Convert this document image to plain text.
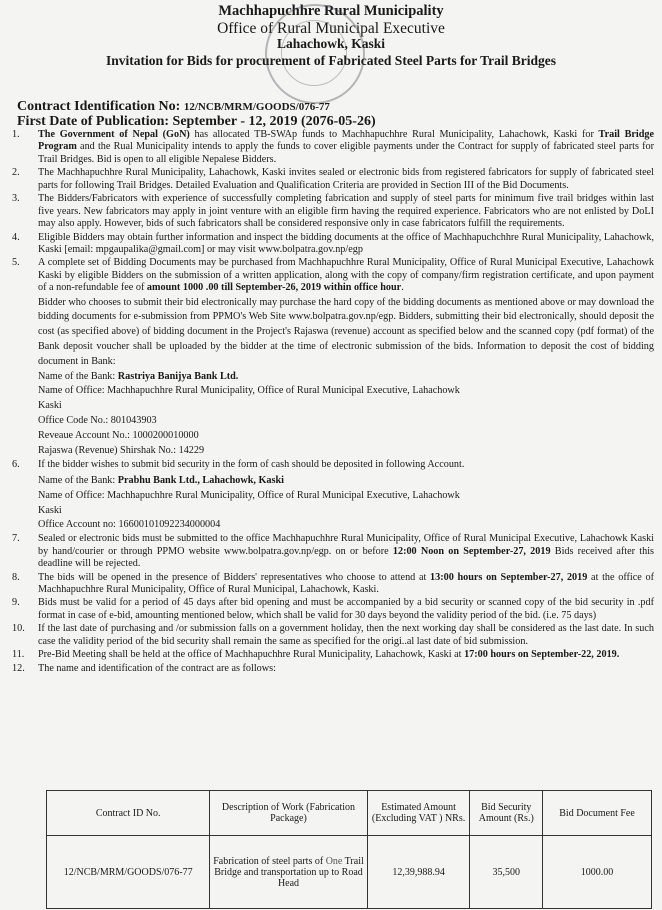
Machhapuchhre Rural Municipality
Office of Rural Municipal Executive
Lahachowk, Kaski
Invitation for Bids for procurement of Fabricated Steel Parts for Trail Bridges
Contract Identification No: 12/NCB/MRM/GOODS/076-77
First Date of Publication: September - 12, 2019 (2076-05-26)
1.	The Government of Nepal (GoN) has allocated TB-SWAp funds to Machhapuchhre Rural Municipality, Lahachowk, Kaski for Trail Bridge Program and the Rual Municipality intends to apply the funds to cover eligible payments under the Contract for supply of fabricated steel parts for Trail Bridges. Bid is open to all eligible Nepalese Bidders.
2.	The Machhapuchhre Rural Municipality, Lahachowk, Kaski invites sealed or electronic bids from registered fabricators for supply of fabricated steel parts for following Trail Bridges. Detailed Evaluation and Qualification Criteria are provided in Section III of the Bid Documents.
3.	The Bidders/Fabricators with experience of successfully completing fabrication and supply of steel parts for minimum five trail bridges within last five years. New fabricators may apply in joint venture with an eligible firm having the required experience. Fabricators who are not enlisted by DoLI may also apply. However, bids of such fabricators shall be considered responsive only in case fabricators fulfill the requirements.
4.	Eligible Bidders may obtain further information and inspect the bidding documents at the office of Machhapuchchhre Rural Municipality, Lahachowk, Kaski [email: mpgaupalika@gmail.com] or may visit www.bolpatra.gov.np/egp
5.	A complete set of Bidding Documents may be purchased from Machhapuchhre Rural Municipality, Office of Rural Municipal Executive, Lahachowk Kaski by eligible Bidders on the submission of a written application, along with the copy of company/firm registration certificate, and upon payment of a non-refundable fee of amount 1000 .00 till September-26, 2019 within office hour.

Bidder who chooses to submit their bid electronically may purchase the hard copy of the bidding documents as mentioned above or may download the bidding documents for e-submission from PPMO's Web Site www.bolpatra.gov.np/egp. Bidders, submitting their bid electronically, should deposit the cost (as specified above) of bidding document in the Project's Rajaswa (revenue) account as specified below and the scanned copy (pdf format) of the Bank deposit voucher shall be uploaded by the bidder at the time of electronic submission of the bids. Information to deposit the cost of bidding document in Bank:

Name of the Bank: Rastriya Banijya Bank Ltd.

Name of Office: Machhapuchhre Rural Municipality, Office of Rural Municipal Executive, Lahachowk

Kaski

Office Code No.: 801043903

Reveaue Account No.: 1000200010000

Rajaswa (Revenue) Shirshak No.: 14229

6.	If the bidder wishes to submit bid security in the form of cash should be deposited in following Account.

Name of the Bank: Prabhu Bank Ltd., Lahachowk, Kaski

Name of Office: Machhapuchhre Rural Municipality, Office of Rural Municipal Executive, Lahachowk

Kaski

Office Account no: 16600101092234000004

7.	Sealed or electronic bids must be submitted to the office Machhapuchhre Rural Municipality, Office of Rural Municipal Executive, Lahachowk Kaski by hand/courier or through PPMO website www.bolpatra.gov.np/egp. on or before 12:00 Noon on September-27, 2019 Bids received after this deadline will be rejected.
8.	The bids will be opened in the presence of Bidders' representatives who choose to attend at 13:00 hours on September-27, 2019 at the office of Machhapuchhre Rural Municipality, Office of Rural Municipal, Lahachowk, Kaski.
9.	Bids must be valid for a period of 45 days after bid opening and must be accompanied by a bid security or scanned copy of the bid security in .pdf format in case of e-bid, amounting mentioned below, which shall be valid for 30 days beyond the validity period of the bid. (i.e. 75 days)
10.	If the last date of purchasing and /or submission falls on a government holiday, then the next working day shall be considered as the last date. In such case the validity period of the bid security shall remain the same as specified for the origi..al last date of bid submission.
11.	Pre-Bid Meeting shall be held at the office of Machhapuchhre Rural Municipality, Lahachowk, Kaski at 17:00 hours on September-22, 2019.
12.	The name and identification of the contract are as follows:
Contract ID No.	Description of Work (Fabrication Package)	Estimated Amount (Excluding VAT ) NRs.	Bid Security Amount (Rs.)	Bid Document Fee
12/NCB/MRM/GOODS/076-77	Fabrication of steel parts of One Trail Bridge and transportation up to Road Head	12,39,988.94	35,500	1000.00
